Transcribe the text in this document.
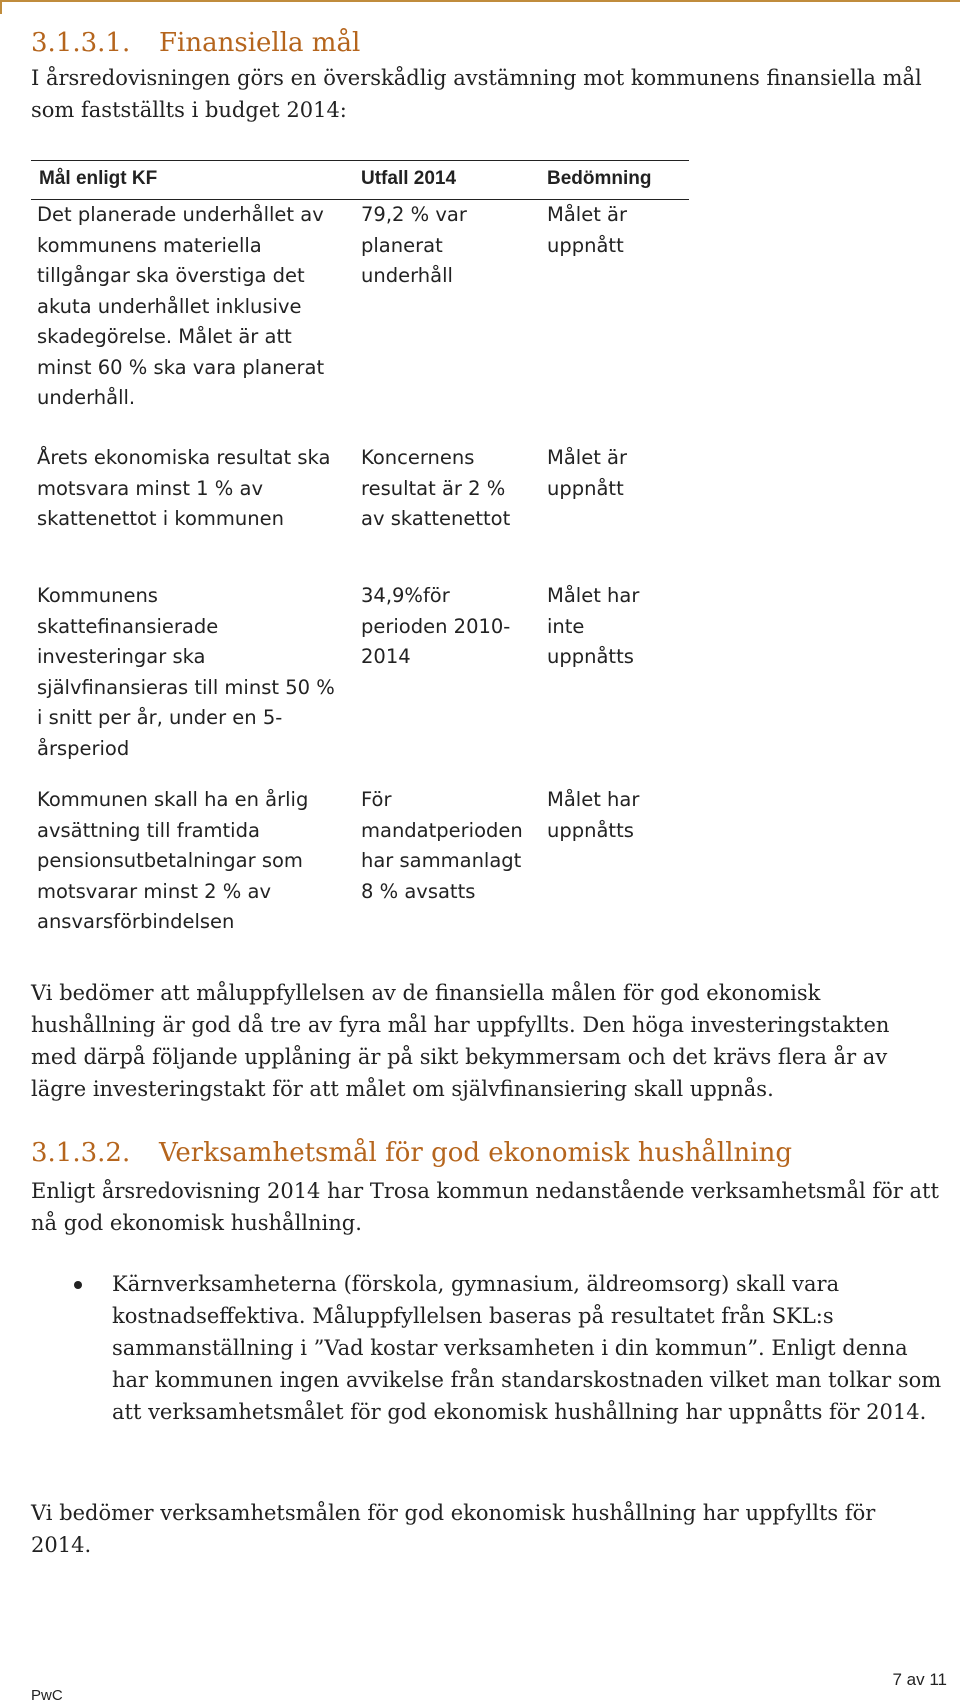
3.1.3.1. Finansiella mål
I årsredovisningen görs en överskådlig avstämning mot kommunens finansiella mål som fastställts i budget 2014:
Mål enligt KF	Utfall 2014	Bedömning
Det planerade underhållet av kommunens materiella tillgångar ska överstiga det akuta underhållet inklusive skadegörelse. Målet är att minst 60 % ska vara planerat underhåll.
79,2 % var planerat underhåll
Målet är uppnått
Årets ekonomiska resultat ska motsvara minst 1 % av skattenettot i kommunen
Koncernens resultat är 2 % av skattenettot
Målet är uppnått
Kommunens skattefinansierade investeringar ska självfinansieras till minst 50 % i snitt per år, under en 5-årsperiod
34,9%för perioden 2010-2014
Målet har inte uppnåtts
Kommunen skall ha en årlig avsättning till framtida pensionsutbetalningar som motsvarar minst 2 % av ansvarsförbindelsen
För mandatperioden har sammanlagt 8 % avsatts
Målet har uppnåtts
Vi bedömer att måluppfyllelsen av de finansiella målen för god ekonomisk hushållning är god då tre av fyra mål har uppfyllts. Den höga investeringstakten med därpå följande upplåning är på sikt bekymmersam och det krävs flera år av lägre investeringstakt för att målet om självfinansiering skall uppnås.
3.1.3.2. Verksamhetsmål för god ekonomisk hushållning
Enligt årsredovisning 2014 har Trosa kommun nedanstående verksamhetsmål för att nå god ekonomisk hushållning.
Kärnverksamheterna (förskola, gymnasium, äldreomsorg) skall vara kostnadseffektiva. Måluppfyllelsen baseras på resultatet från SKL:s sammanställning i ”Vad kostar verksamheten i din kommun”. Enligt denna har kommunen ingen avvikelse från standarskostnaden vilket man tolkar som att verksamhetsmålet för god ekonomisk hushållning har uppnåtts för 2014.
Vi bedömer verksamhetsmålen för god ekonomisk hushållning har uppfyllts för 2014.
7 av 11
PwC
